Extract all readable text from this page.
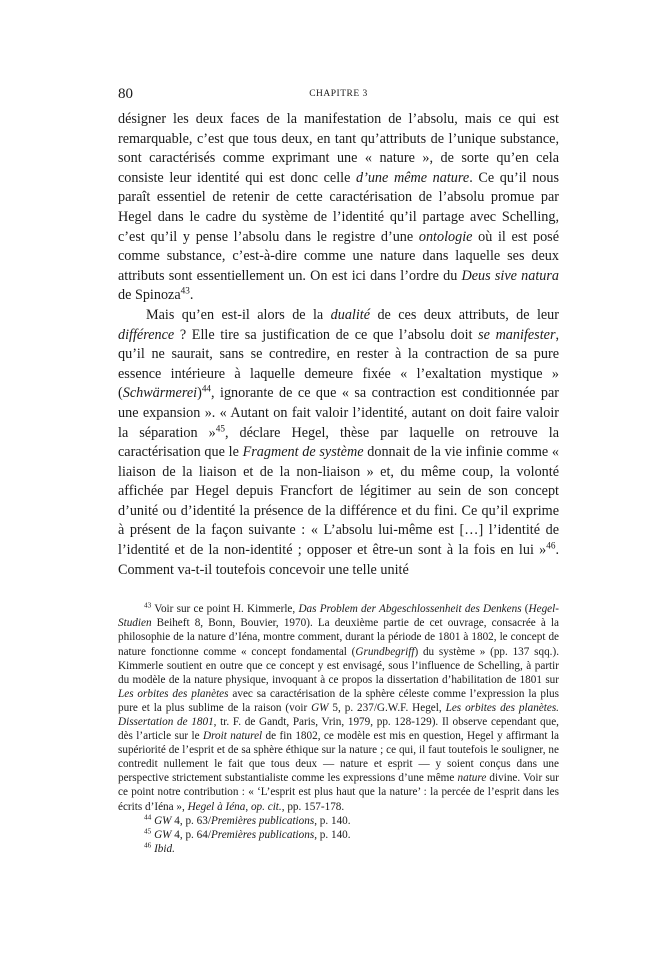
80	CHAPITRE 3

désigner les deux faces de la manifestation de l’absolu, mais ce qui est remarquable, c’est que tous deux, en tant qu’attributs de l’unique substance, sont caractérisés comme exprimant une « nature », de sorte qu’en cela consiste leur identité qui est donc celle d’une même nature. Ce qu’il nous paraît essentiel de retenir de cette caractérisation de l’absolu promue par Hegel dans le cadre du système de l’identité qu’il partage avec Schelling, c’est qu’il y pense l’absolu dans le registre d’une ontologie où il est posé comme substance, c’est-à-dire comme une nature dans laquelle ses deux attributs sont essentiellement un. On est ici dans l’ordre du Deus sive natura de Spinoza$^{43}$.

Mais qu’en est-il alors de la dualité de ces deux attributs, de leur différence ? Elle tire sa justification de ce que l’absolu doit se manifester, qu’il ne saurait, sans se contredire, en rester à la contraction de sa pure essence intérieure à laquelle demeure fixée « l’exaltation mystique » (Schwärmerei)$^{44}$, ignorante de ce que « sa contraction est conditionnée par une expansion ». « Autant on fait valoir l’identité, autant on doit faire valoir la séparation »$^{45}$, déclare Hegel, thèse par laquelle on retrouve la caractérisation que le Fragment de système donnait de la vie infinie comme « liaison de la liaison et de la non-liaison » et, du même coup, la volonté affichée par Hegel depuis Francfort de légitimer au sein de son concept d’unité ou d’identité la présence de la différence et du fini. Ce qu’il exprime à présent de la façon suivante : « L’absolu lui-même est […] l’identité de l’identité et de la non-identité ; opposer et être-un sont à la fois en lui »$^{46}$. Comment va-t-il toutefois concevoir une telle unité

$^{43}$ Voir sur ce point H. Kimmerle, Das Problem der Abgeschlossenheit des Denkens (Hegel-Studien Beiheft 8, Bonn, Bouvier, 1970). La deuxième partie de cet ouvrage, consacrée à la philosophie de la nature d’Iéna, montre comment, durant la période de 1801 à 1802, le concept de nature fonctionne comme « concept fondamental (Grundbegriff) du système » (pp. 137 sqq.). Kimmerle soutient en outre que ce concept y est envisagé, sous l’influence de Schelling, à partir du modèle de la nature physique, invoquant à ce propos la dissertation d’habilitation de 1801 sur Les orbites des planètes avec sa caractérisation de la sphère céleste comme l’expression la plus pure et la plus sublime de la raison (voir GW 5, p. 237/G.W.F. Hegel, Les orbites des planètes. Dissertation de 1801, tr. F. de Gandt, Paris, Vrin, 1979, pp. 128-129). Il observe cependant que, dès l’article sur le Droit naturel de fin 1802, ce modèle est mis en question, Hegel y affirmant la supériorité de l’esprit et de sa sphère éthique sur la nature ; ce qui, il faut toutefois le souligner, ne contredit nullement le fait que tous deux — nature et esprit — y soient conçus dans une perspective strictement substantialiste comme les expressions d’une même nature divine. Voir sur ce point notre contribution : « ‘L’esprit est plus haut que la nature’ : la percée de l’esprit dans les écrits d’Iéna », Hegel à Iéna, op. cit., pp. 157-178.

$^{44}$ GW 4, p. 63/Premières publications, p. 140.

$^{45}$ GW 4, p. 64/Premières publications, p. 140.

$^{46}$ Ibid.
